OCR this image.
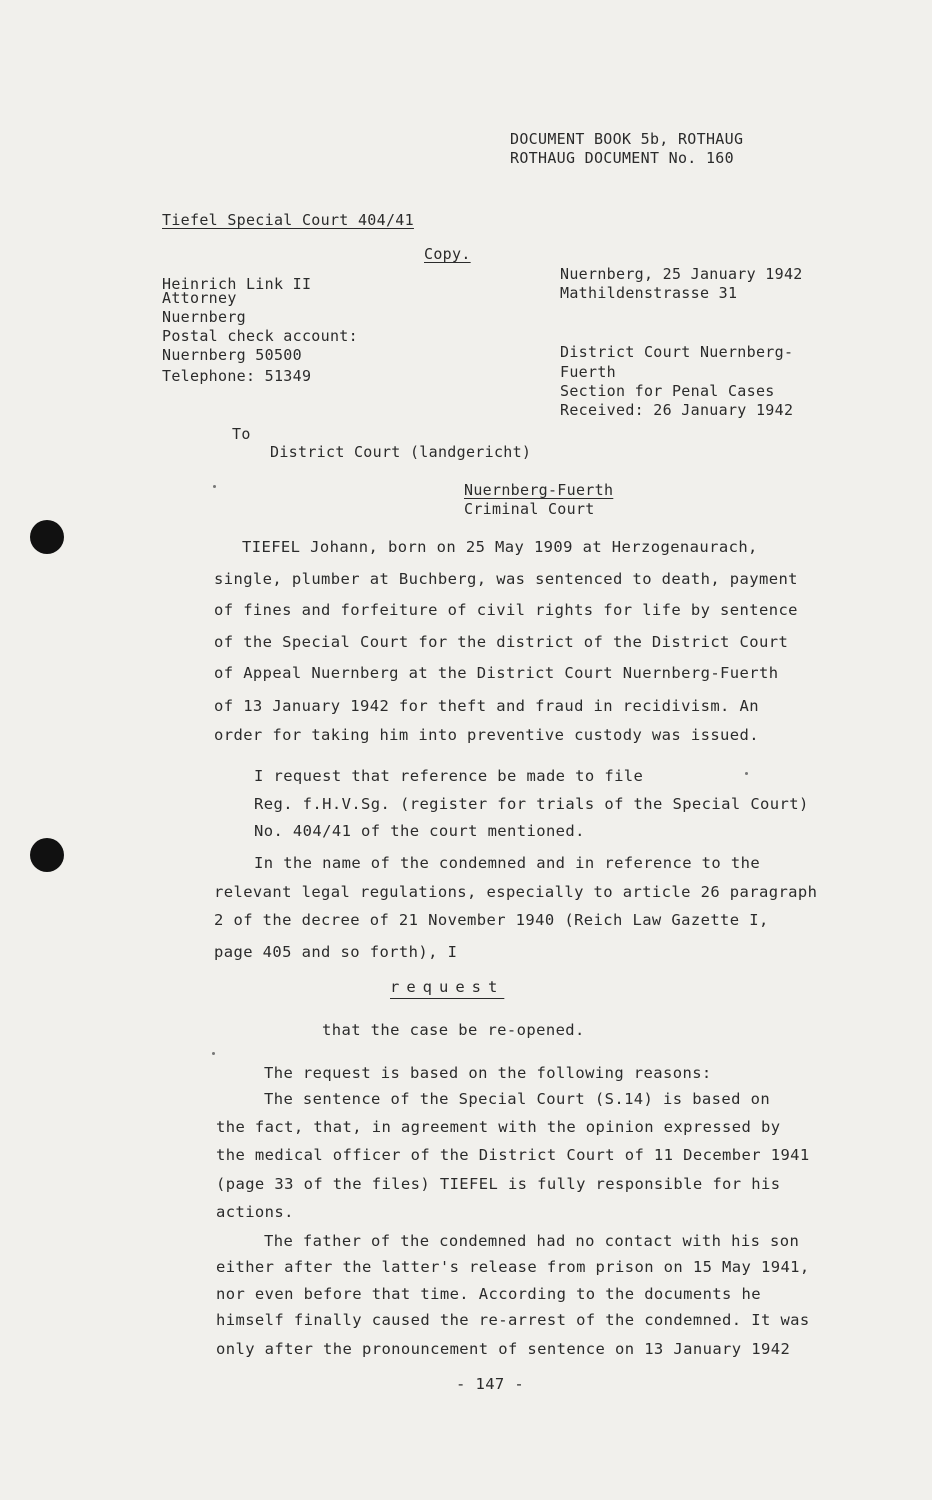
DOCUMENT BOOK 5b, ROTHAUG
ROTHAUG DOCUMENT No. 160
Tiefel Special Court 404/41
Copy.
Heinrich Link II
Attorney
Nuernberg
Postal check account:
Nuernberg 50500
Telephone: 51349
Nuernberg, 25 January 1942
Mathildenstrasse 31
District Court Nuernberg-
Fuerth
Section for Penal Cases
Received: 26 January 1942
To
District Court (landgericht)
Nuernberg-Fuerth
Criminal Court
TIEFEL Johann, born on 25 May 1909 at Herzogenaurach,
single, plumber at Buchberg, was sentenced to death, payment
of fines and forfeiture of civil rights for life by sentence
of the Special Court for the district of the District Court
of Appeal Nuernberg at the District Court Nuernberg-Fuerth
of 13 January 1942 for theft and fraud in recidivism. An
order for taking him into preventive custody was issued.
I request that reference be made to file
Reg. f.H.V.Sg. (register for trials of the Special Court)
No. 404/41 of the court mentioned.
In the name of the condemned and in reference to the
relevant legal regulations, especially to article 26 paragraph
2 of the decree of 21 November 1940 (Reich Law Gazette I,
page 405 and so forth), I
request
that the case be re-opened.
The request is based on the following reasons:
The sentence of the Special Court (S.14) is based on
the fact, that, in agreement with the opinion expressed by
the medical officer of the District Court of 11 December 1941
(page 33 of the files) TIEFEL is fully responsible for his
actions.
The father of the condemned had no contact with his son
either after the latter's release from prison on 15 May 1941,
nor even before that time. According to the documents he
himself finally caused the re-arrest of the condemned. It was
only after the pronouncement of sentence on 13 January 1942
- 147 -
